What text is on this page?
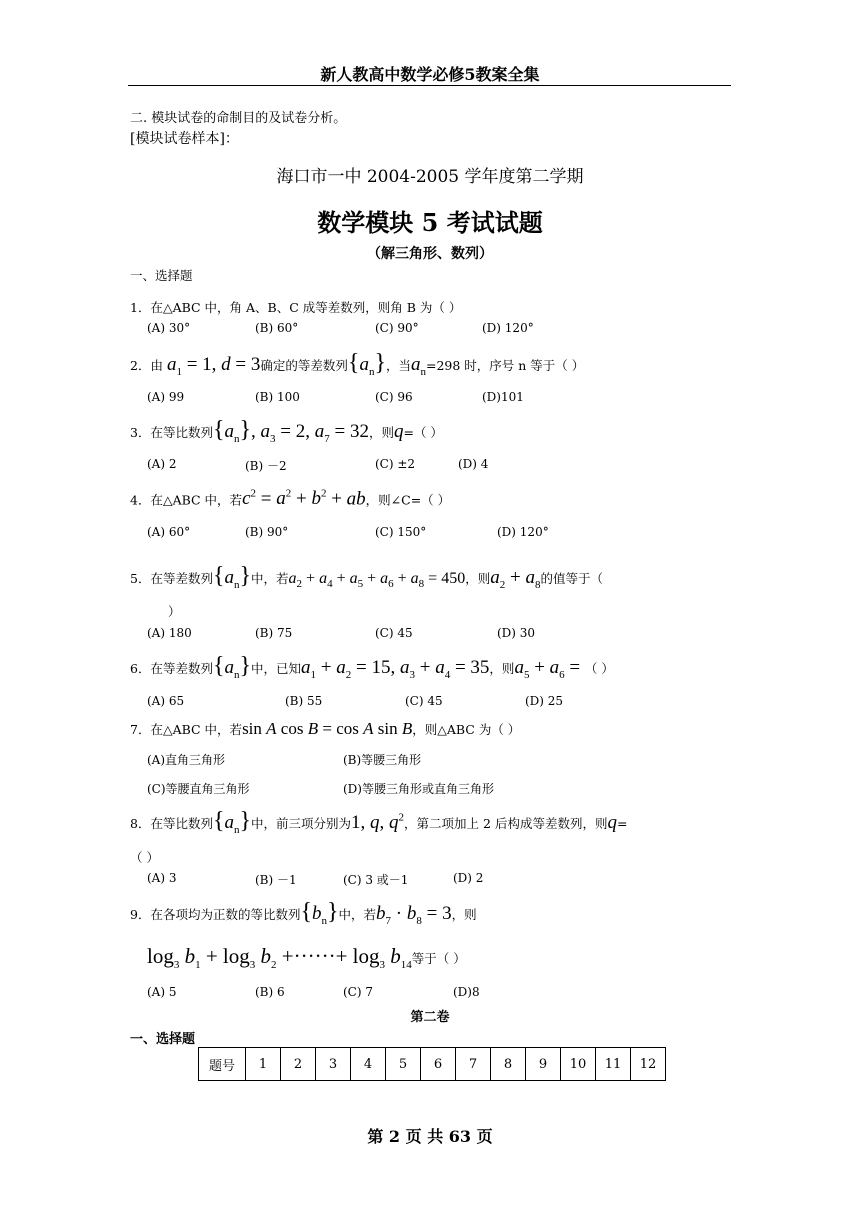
新人教高中数学必修5教案全集
二. 模块试卷的命制目的及试卷分析。
[模块试卷样本]：
海口市一中 2004-2005 学年度第二学期
数学模块 5 考试试题
（解三角形、数列）
一、选择题
1．在△ABC 中，角 A、B、C 成等差数列，则角 B 为（ ）
(A) 30°	(B) 60°	(C) 90°	(D) 120°
2．由 $a_1 = 1$, d = 3确定的等差数列$\{a_n\}$，当$a_n=298$ 时，序号 n 等于（ ）
(A) 99	(B) 100	(C) 96	(D)101
3．在等比数列$\{a_n\}$, $a_3 = 2$, $a_7 = 32$，则q=（ ）
(A) 2	(B) －2	(C) ±2	(D) 4
4．在△ABC 中，若$c^2 = a^2 + b^2$ + ab，则∠C=（ ）
(A) 60°	(B) 90°	(C) 150°	(D) 120°
5．在等差数列$\{a_n\}$中，若$a_2 + a_4 + a_5 + a_6 + a_8 = 450$，则$a_2 + a_8$的值等于（
）
(A) 180	(B) 75	(C) 45	(D) 30
6．在等差数列$\{a_n\}$中，已知$a_1 + a_2 = 15$, $a_3 + a_4 = 35$，则$a_5 + a_6$ = （ ）
(A) 65	(B) 55	(C) 45	(D) 25
7．在△ABC 中，若sin A cos B = cos A sin B，则△ABC 为（ ）
(A)直角三角形	(B)等腰三角形
(C)等腰直角三角形	(D)等腰三角形或直角三角形
8．在等比数列$\{a_n\}$中，前三项分别为1, q, $q^2$，第二项加上 2 后构成等差数列，则q=
（ ）
(A) 3	(B) －1	(C) 3 或－1	(D) 2
9．在各项均为正数的等比数列$\{b_n\}$中，若$b_7 \cdot b_8 = 3$，则
$\log_3 b_1 + \log_3 b_2$ +······+ $\log_3 b_{14}$等于（ ）
(A) 5	(B) 6	(C) 7	(D)8
第二卷
一、选择题
题号	1	2	3	4	5	6	7	8	9	10	11	12
第 2 页 共 63 页
